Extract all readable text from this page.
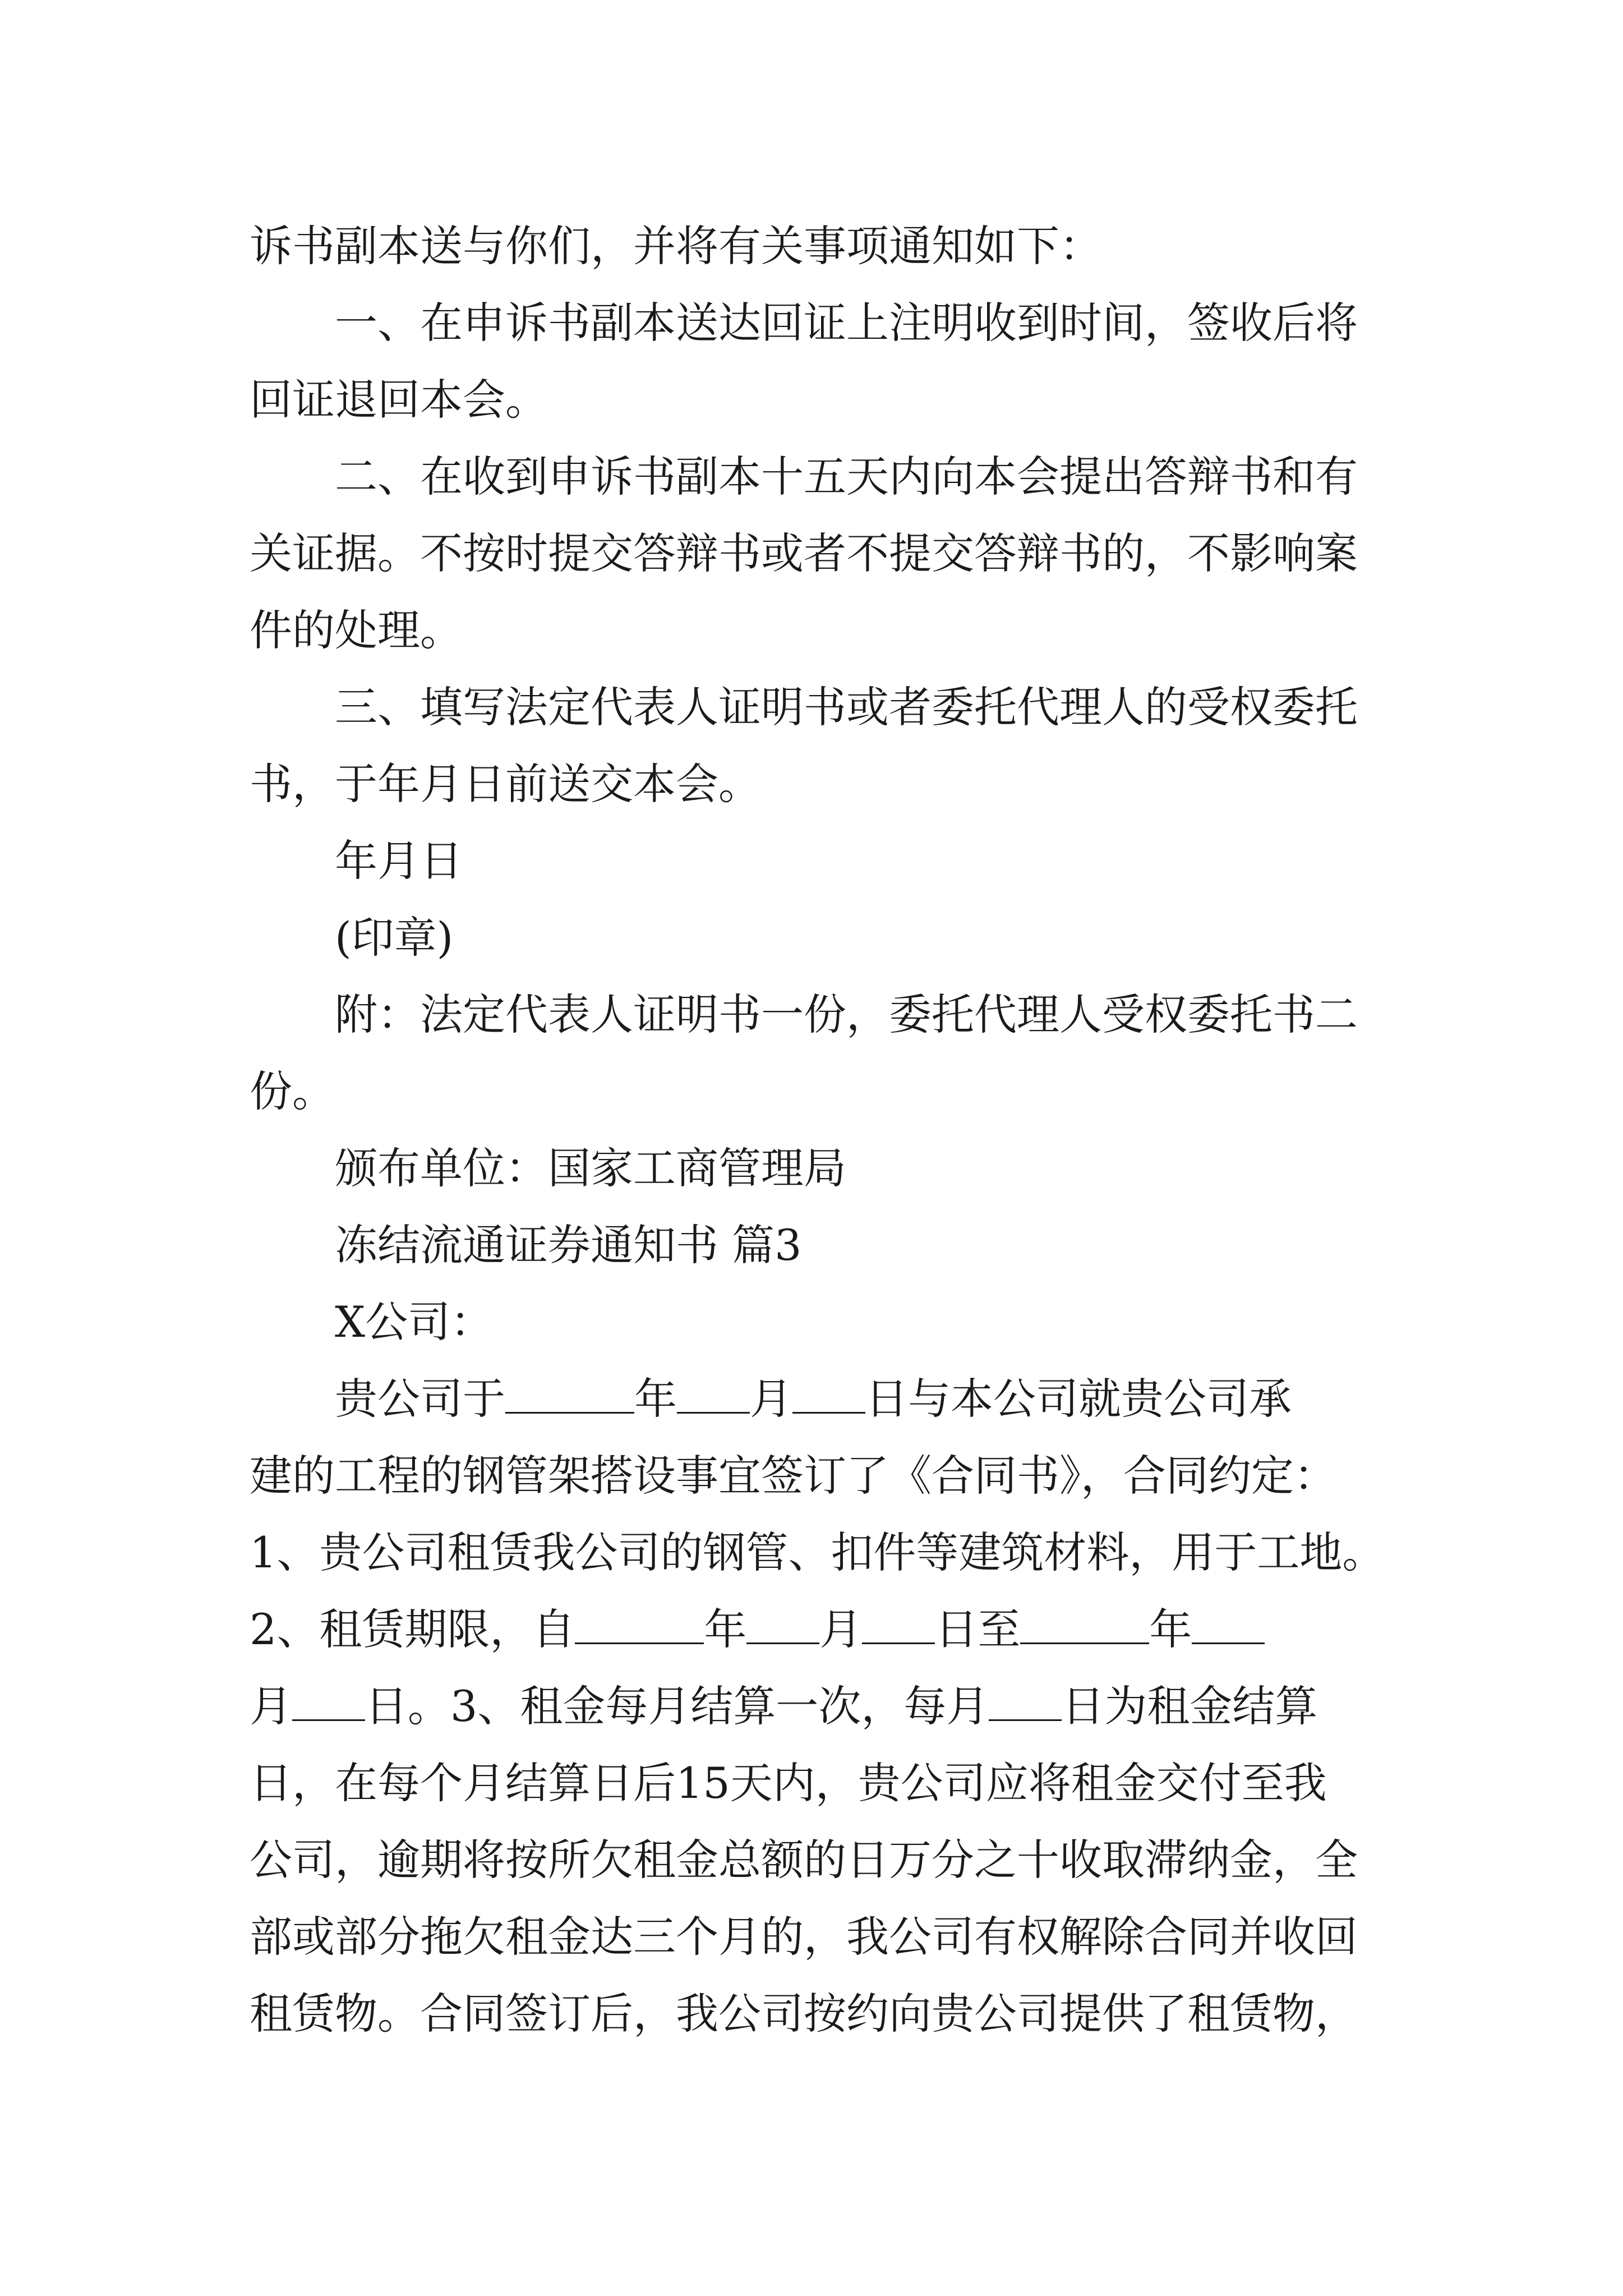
诉书副本送与你们，并将有关事项通知如下：
一、在申诉书副本送达回证上注明收到时间，签收后将
回证退回本会。
二、在收到申诉书副本十五天内向本会提出答辩书和有
关证据。不按时提交答辩书或者不提交答辩书的，不影响案
件的处理。
三、填写法定代表人证明书或者委托代理人的受权委托
书，于年月日前送交本会。
年月日
(印章)
附：法定代表人证明书一份，委托代理人受权委托书二
份。
颁布单位：国家工商管理局
冻结流通证券通知书 篇3
X公司：
贵公司于	年 月 日与本公司就贵公司承
建的工程的钢管架搭设事宜签订了《合同书》，合同约定：
1、贵公司租赁我公司的钢管、扣件等建筑材料，用于工地。
2、租赁期限，自	年 月 日至	年
月 日。3、租金每月结算一次，每月 日为租金结算
日，在每个月结算日后15天内，贵公司应将租金交付至我
公司，逾期将按所欠租金总额的日万分之十收取滞纳金，全
部或部分拖欠租金达三个月的，我公司有权解除合同并收回
租赁物。合同签订后，我公司按约向贵公司提供了租赁物，
